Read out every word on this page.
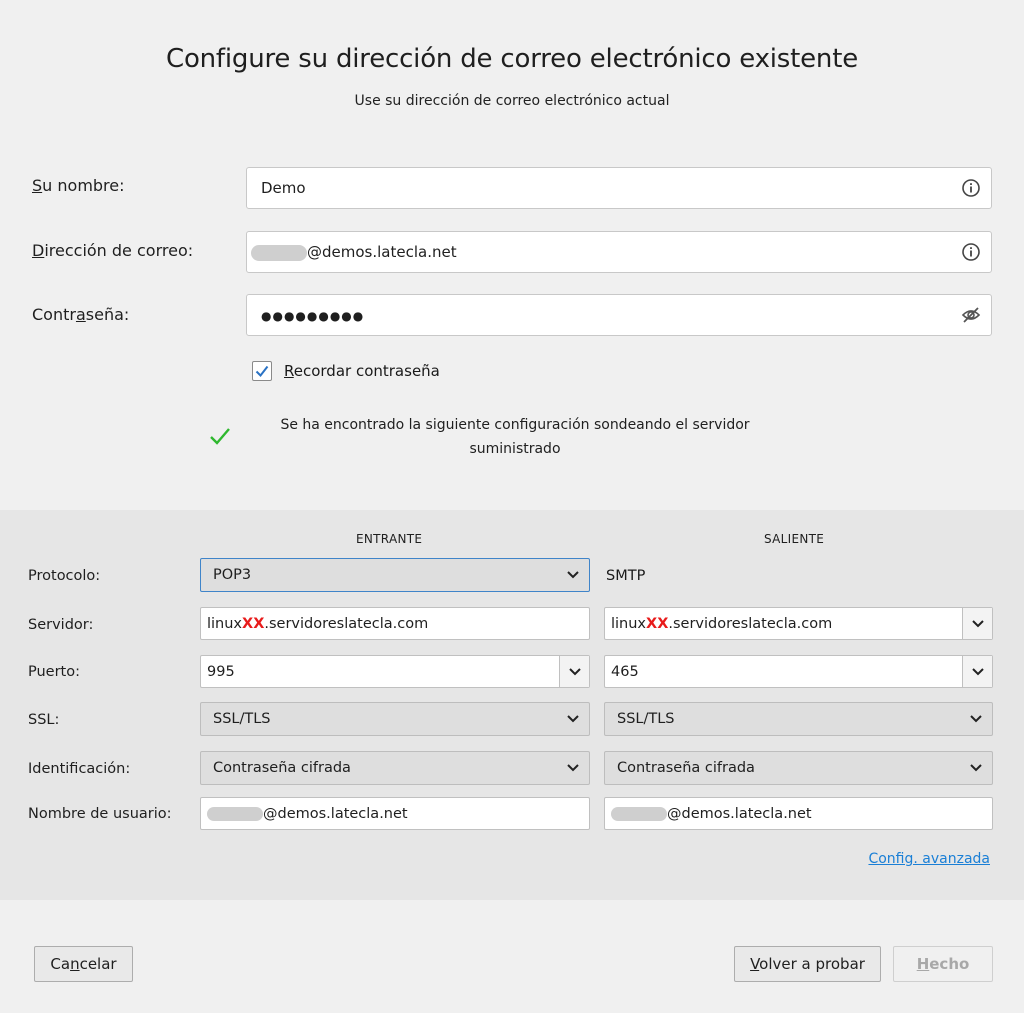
Configure su dirección de correo electrónico existente
Use su dirección de correo electrónico actual
Su nombre:	Demo
Dirección de correo:	@demos.latecla.net
Contraseña:	●●●●●●●●●
Recordar contraseña
Se ha encontrado la siguiente configuración sondeando el servidor
suministrado
ENTRANTE	SALIENTE
Protocolo:	POP3	SMTP
Servidor:	linuxXX.servidoreslatecla.com	linuxXX.servidoreslatecla.com
Puerto:	995	465
SSL:	SSL/TLS	SSL/TLS
Identificación:	Contraseña cifrada	Contraseña cifrada
Nombre de usuario:	@demos.latecla.net	@demos.latecla.net
Config. avanzada
Cancelar	Volver a probar	Hecho
